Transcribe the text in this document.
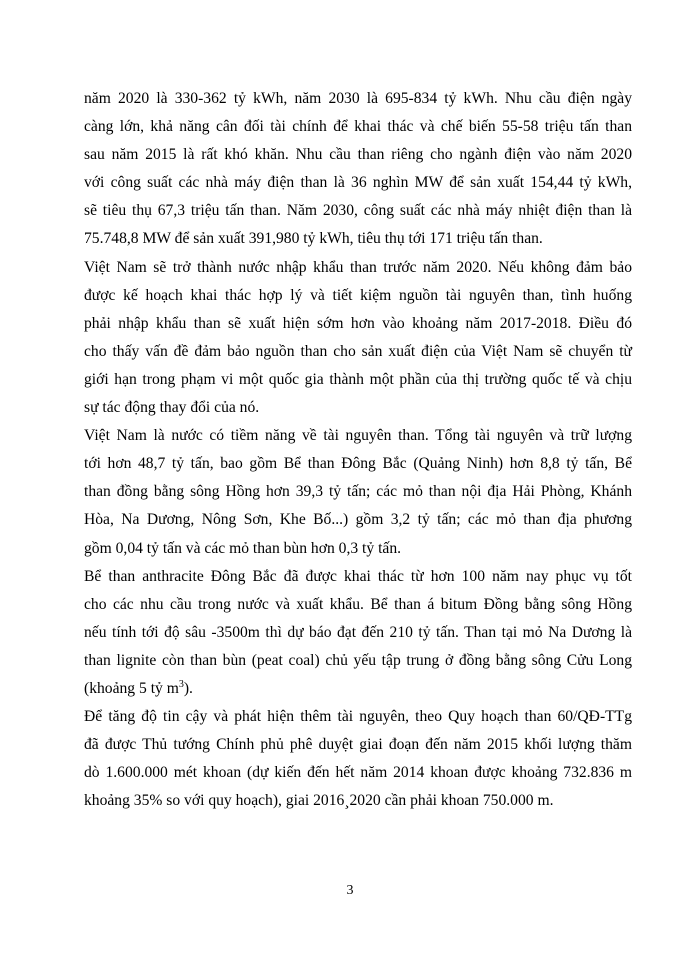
năm 2020 là 330-362 tỷ kWh, năm 2030 là 695-834 tỷ kWh. Nhu cầu điện ngày
càng lớn, khả năng cân đối tài chính để khai thác và chế biến 55-58 triệu tấn than
sau năm 2015 là rất khó khăn. Nhu cầu than riêng cho ngành điện vào năm 2020
với công suất các nhà máy điện than là 36 nghìn MW để sản xuất 154,44 tỷ kWh,
sẽ tiêu thụ 67,3 triệu tấn than. Năm 2030, công suất các nhà máy nhiệt điện than là
75.748,8 MW để sản xuất 391,980 tỷ kWh, tiêu thụ tới 171 triệu tấn than.

Việt Nam sẽ trở thành nước nhập khẩu than trước năm 2020. Nếu không đảm bảo
được kế hoạch khai thác hợp lý và tiết kiệm nguồn tài nguyên than, tình huống
phải nhập khẩu than sẽ xuất hiện sớm hơn vào khoảng năm 2017-2018. Điều đó
cho thấy vấn đề đảm bảo nguồn than cho sản xuất điện của Việt Nam sẽ chuyển từ
giới hạn trong phạm vi một quốc gia thành một phần của thị trường quốc tế và chịu
sự tác động thay đổi của nó.

Việt Nam là nước có tiềm năng về tài nguyên than. Tổng tài nguyên và trữ lượng
tới hơn 48,7 tỷ tấn, bao gồm Bể than Đông Bắc (Quảng Ninh) hơn 8,8 tỷ tấn, Bể
than đồng bằng sông Hồng hơn 39,3 tỷ tấn; các mỏ than nội địa Hải Phòng, Khánh
Hòa, Na Dương, Nông Sơn, Khe Bố...) gồm 3,2 tỷ tấn; các mỏ than địa phương
gồm 0,04 tỷ tấn và các mỏ than bùn hơn 0,3 tỷ tấn.

Bể than anthracite Đông Bắc đã được khai thác từ hơn 100 năm nay phục vụ tốt
cho các nhu cầu trong nước và xuất khẩu. Bể than á bitum Đồng bằng sông Hồng
nếu tính tới độ sâu -3500m thì dự báo đạt đến 210 tỷ tấn. Than tại mỏ Na Dương là
than lignite còn than bùn (peat coal) chủ yếu tập trung ở đồng bằng sông Cửu Long
(khoảng 5 tỷ $m^3$).

Để tăng độ tin cậy và phát hiện thêm tài nguyên, theo Quy hoạch than 60/QĐ-TTg
đã được Thủ tướng Chính phủ phê duyệt giai đoạn đến năm 2015 khối lượng thăm
dò 1.600.000 mét khoan (dự kiến đến hết năm 2014 khoan được khoảng 732.836 m
khoảng 35% so với quy hoạch), giai 2016¸2020 cần phải khoan 750.000 m.

3
